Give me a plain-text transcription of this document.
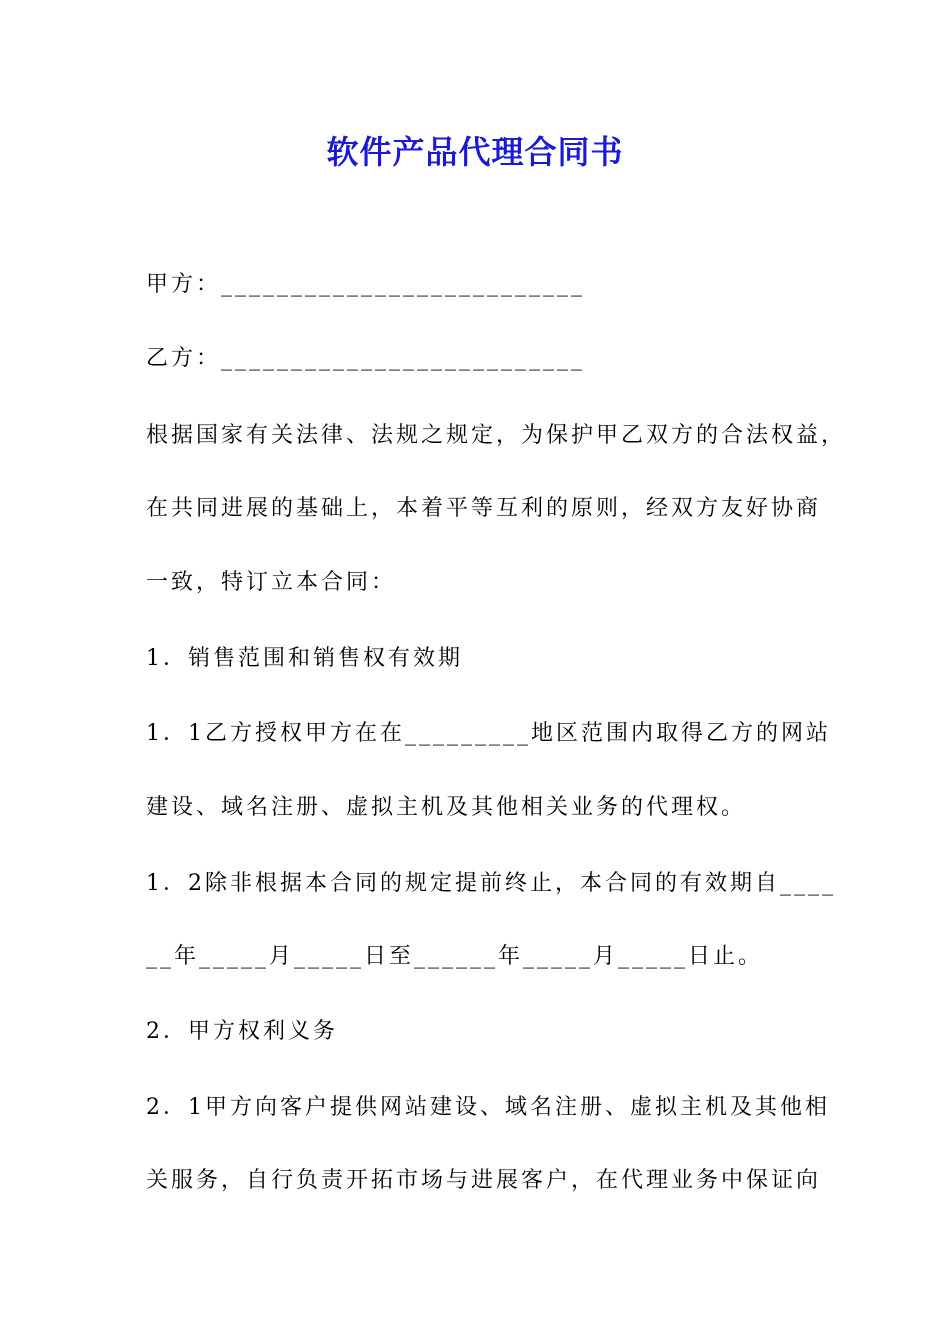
软件产品代理合同书
甲方：__________________________
乙方：__________________________
根据国家有关法律、法规之规定，为保护甲乙双方的合法权益，
在共同进展的基础上，本着平等互利的原则，经双方友好协商
一致，特订立本合同：
1．销售范围和销售权有效期
1．1乙方授权甲方在在_________地区范围内取得乙方的网站
建设、域名注册、虚拟主机及其他相关业务的代理权。
1．2除非根据本合同的规定提前终止，本合同的有效期自____
__年_____月_____日至______年_____月_____日止。
2．甲方权利义务
2．1甲方向客户提供网站建设、域名注册、虚拟主机及其他相
关服务，自行负责开拓市场与进展客户，在代理业务中保证向
